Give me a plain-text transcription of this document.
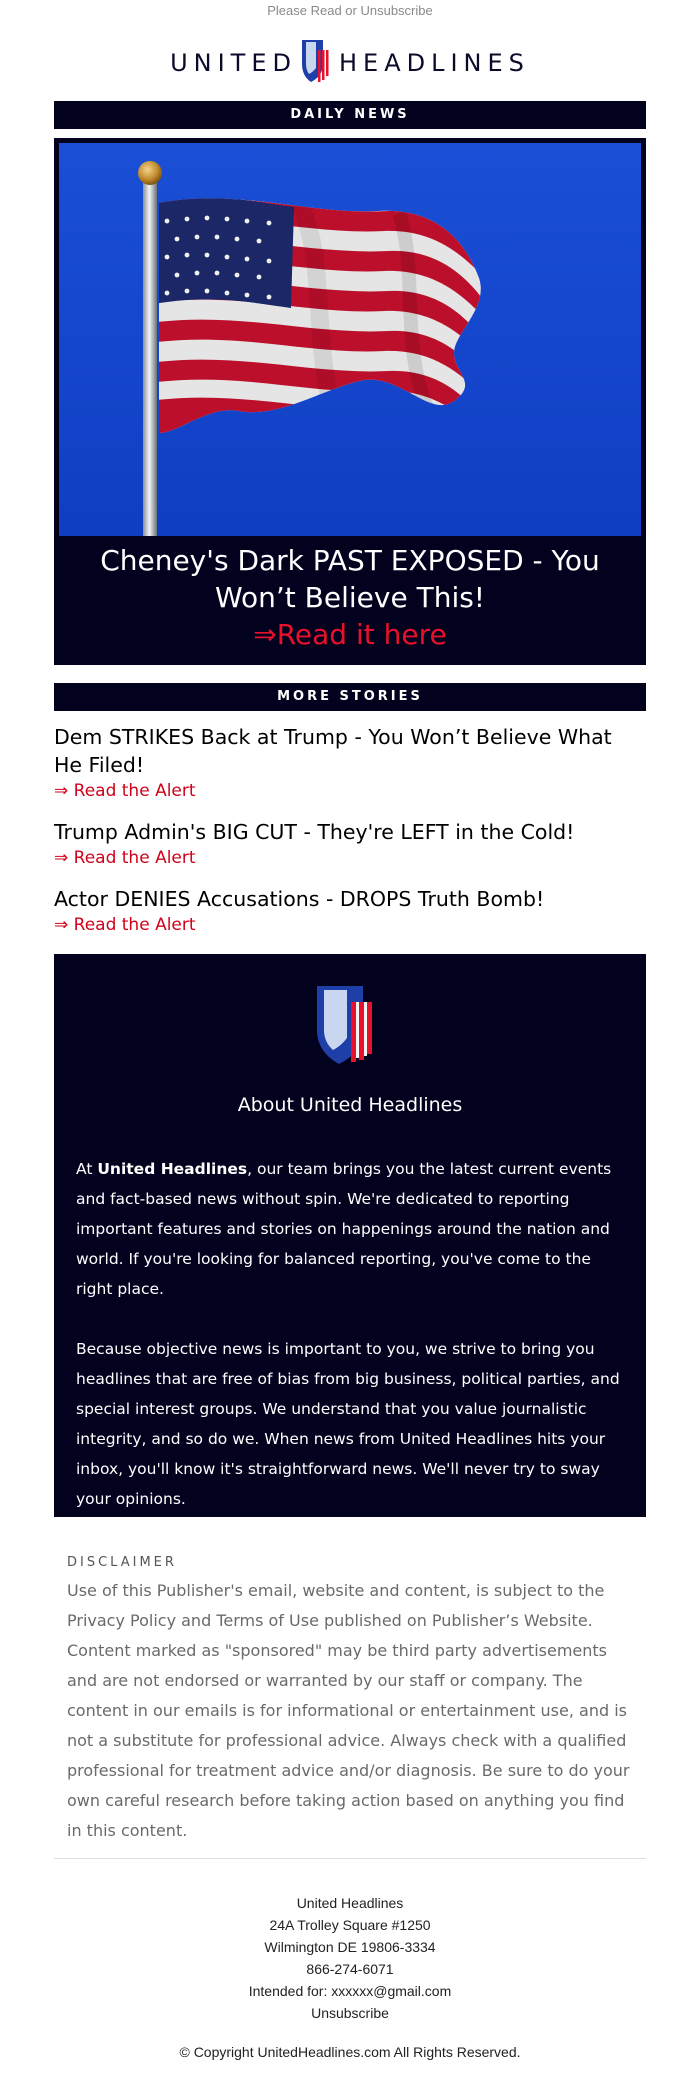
Please Read or Unsubscribe
UNITED HEADLINES
DAILY NEWS
Cheney's Dark PAST EXPOSED - You Won’t Believe This!
⇒Read it here
MORE STORIES
Dem STRIKES Back at Trump - You Won’t Believe What He Filed!
⇒ Read the Alert
Trump Admin's BIG CUT - They're LEFT in the Cold!
⇒ Read the Alert
Actor DENIES Accusations - DROPS Truth Bomb!
⇒ Read the Alert
About United Headlines

At United Headlines, our team brings you the latest current events and fact-based news without spin. We're dedicated to reporting important features and stories on happenings around the nation and world. If you're looking for balanced reporting, you've come to the right place.

Because objective news is important to you, we strive to bring you headlines that are free of bias from big business, political parties, and special interest groups. We understand that you value journalistic integrity, and so do we. When news from United Headlines hits your inbox, you'll know it's straightforward news. We'll never try to sway your opinions.

DISCLAIMER
Use of this Publisher's email, website and content, is subject to the Privacy Policy and Terms of Use published on Publisher’s Website. Content marked as "sponsored" may be third party advertisements and are not endorsed or warranted by our staff or company. The content in our emails is for informational or entertainment use, and is not a substitute for professional advice. Always check with a qualified professional for treatment advice and/or diagnosis. Be sure to do your own careful research before taking action based on anything you find in this content.
United Headlines
24A Trolley Square #1250
Wilmington DE 19806-3334
866-274-6071
Intended for: xxxxxx@gmail.com
Unsubscribe
© Copyright UnitedHeadlines.com All Rights Reserved.
